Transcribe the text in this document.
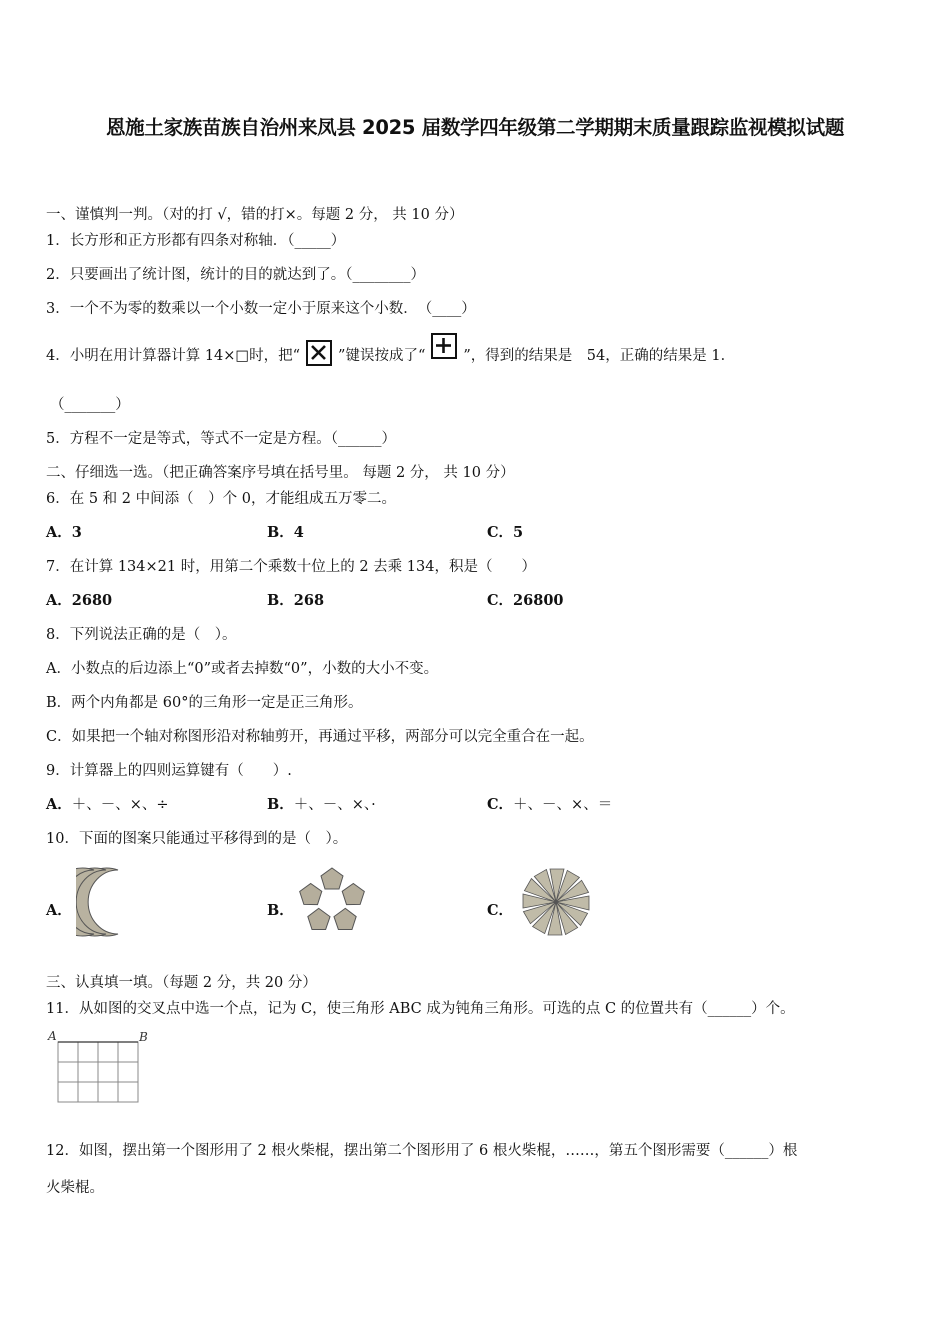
恩施土家族苗族自治州来凤县 2025 届数学四年级第二学期期末质量跟踪监视模拟试题
一、谨慎判一判。（对的打 √，错的打×。每题 2 分， 共 10 分）
1．长方形和正方形都有四条对称轴．（_____）
2．只要画出了统计图，统计的目的就达到了。（________）
3．一个不为零的数乘以一个小数一定小于原来这个小数．　（____）
4．小明在用计算器计算 14×□时，把“	”键误按成了“	”，得到的结果是　54，正确的结果是 1．
（_______）
5．方程不一定是等式，等式不一定是方程。（______）
二、仔细选一选。（把正确答案序号填在括号里。 每题 2 分， 共 10 分）
6．在 5 和 2 中间添（　）个 0，才能组成五万零二。
A．3	B．4	C．5
7．在计算 134×21 时，用第二个乘数十位上的 2 去乘 134，积是（　　）
A．2680	B．268	C．26800
8．下列说法正确的是（　）。
A．小数点的后边添上“0”或者去掉数“0”，小数的大小不变。
B．两个内角都是 60°的三角形一定是正三角形。
C．如果把一个轴对称图形沿对称轴剪开，再通过平移，两部分可以完全重合在一起。
9．计算器上的四则运算键有（　　）.
A．＋、－、×、÷	B．＋、－、×、·	C．＋、－、×、＝
10．下面的图案只能通过平移得到的是（　）。
A．	B．	C．
三、认真填一填。（每题 2 分，共 20 分）
11．从如图的交叉点中选一个点，记为 C，使三角形 ABC 成为钝角三角形。可选的点 C 的位置共有（______）个。
A	B
12．如图，摆出第一个图形用了 2 根火柴棍，摆出第二个图形用了 6 根火柴棍，……，第五个图形需要（______）根
火柴棍。
